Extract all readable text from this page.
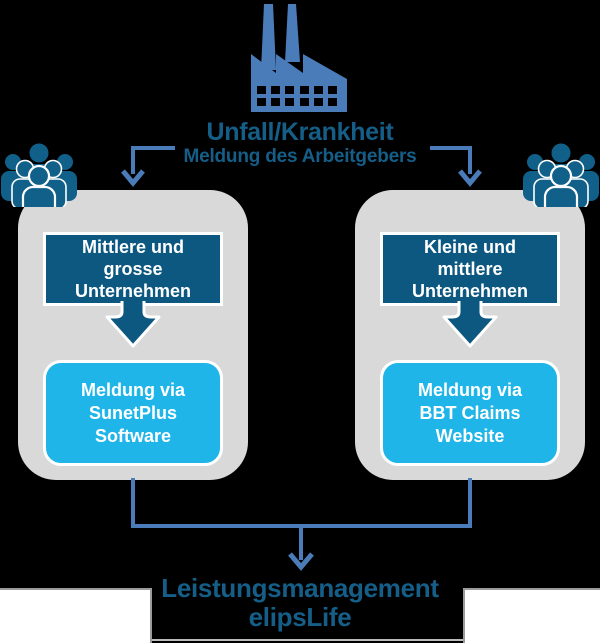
Unfall/Krankheit
Meldung des Arbeitgebers
Mittlere und
grosse
Unternehmen
Kleine und
mittlere
Unternehmen
Meldung via
SunetPlus
Software
Meldung via
BBT Claims
Website
Leistungsmanagement
elipsLife
